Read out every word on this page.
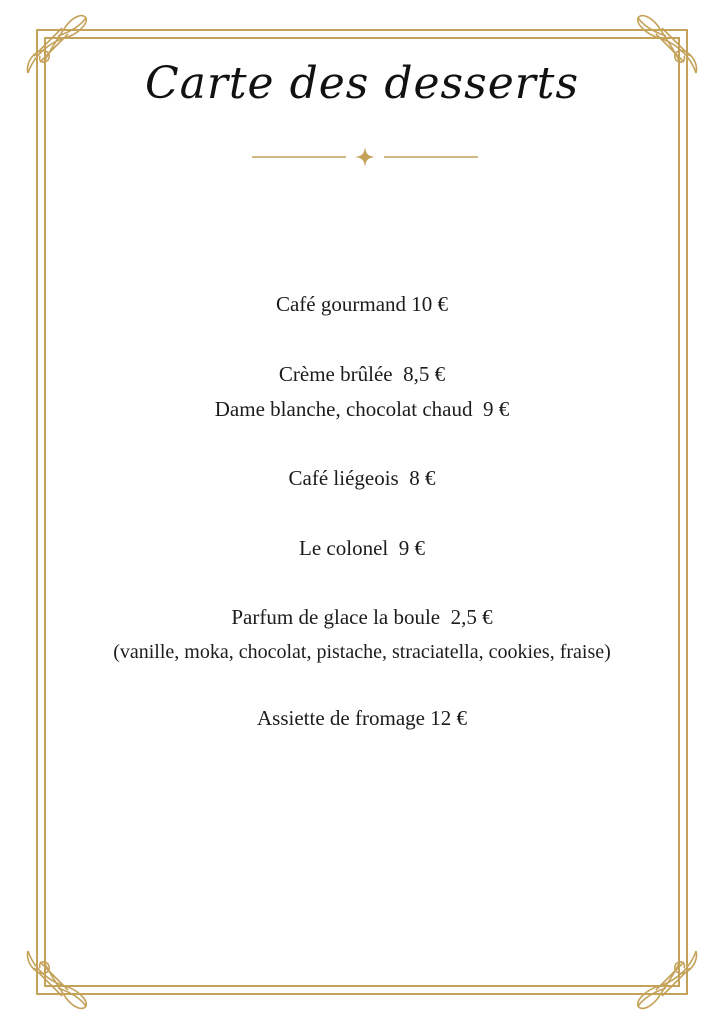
Carte des desserts
Café gourmand 10 €
Crème brûlée  8,5 €
Dame blanche, chocolat chaud  9 €
Café liégeois  8 €
Le colonel  9 €
Parfum de glace la boule  2,5 €
(vanille, moka, chocolat, pistache, straciatella, cookies, fraise)
Assiette de fromage 12 €
